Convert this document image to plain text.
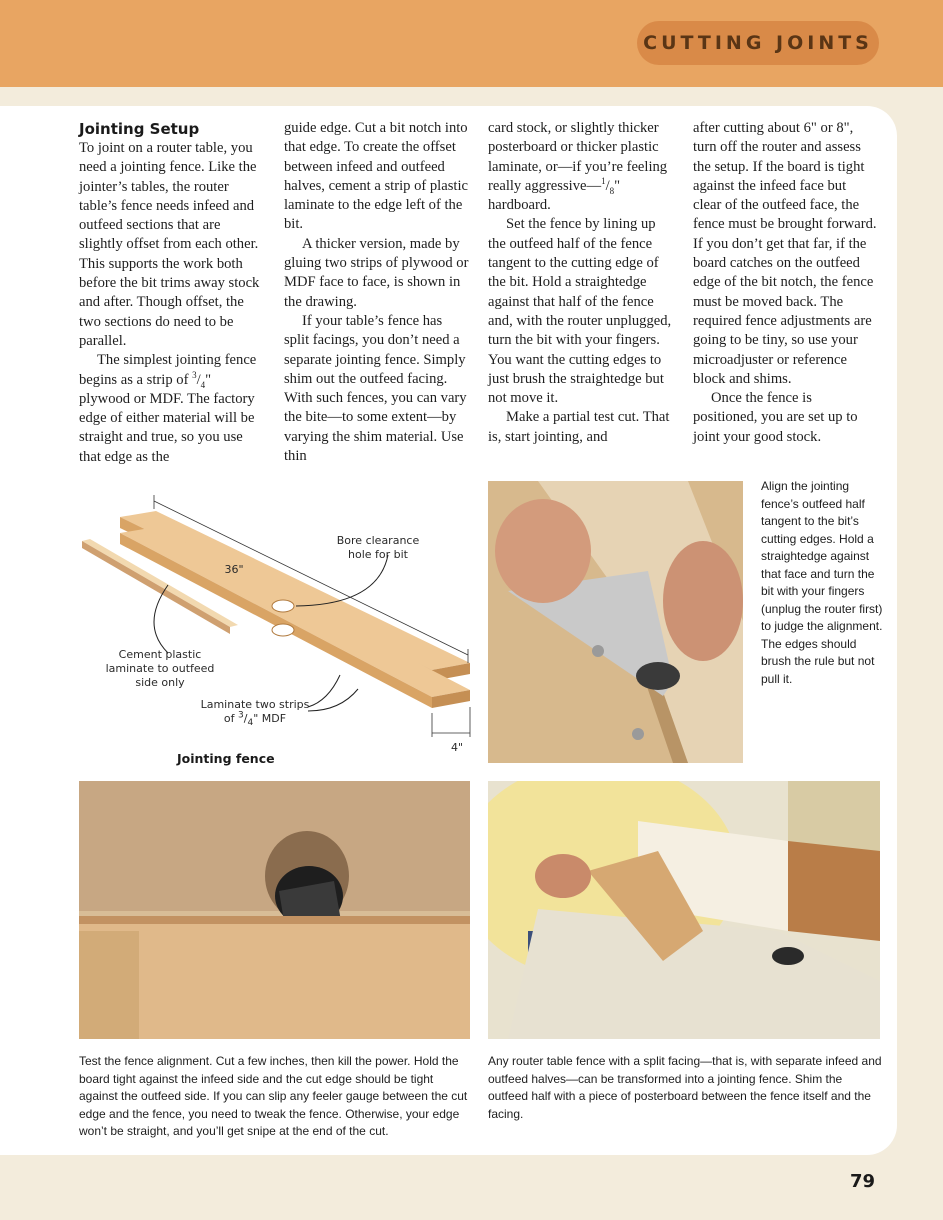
CUTTING JOINTS
Jointing Setup

To joint on a router table, you need a jointing fence. Like the jointer’s tables, the router table’s fence needs infeed and outfeed sections that are slightly offset from each other. This supports the work both before the bit trims away stock and after. Though offset, the two sections do need to be parallel.

The simplest jointing fence begins as a strip of $^3/_4$" plywood or MDF. The factory edge of either material will be straight and true, so you use that edge as the

guide edge. Cut a bit notch into that edge. To create the offset between infeed and outfeed halves, cement a strip of plastic laminate to the edge left of the bit.

A thicker version, made by gluing two strips of plywood or MDF face to face, is shown in the drawing.

If your table’s fence has split facings, you don’t need a separate jointing fence. Simply shim out the outfeed facing. With such fences, you can vary the bite—to some extent—by varying the shim material. Use thin

card stock, or slightly thicker posterboard or thicker plastic laminate, or—if you’re feeling really $aggressive—^1/_8$" hardboard.

Set the fence by lining up the outfeed half of the fence tangent to the cutting edge of the bit. Hold a straightedge against that half of the fence and, with the router unplugged, turn the bit with your fingers. You want the cutting edges to just brush the straightedge but not move it.

Make a partial test cut. That is, start jointing, and

after cutting about 6" or 8", turn off the router and assess the setup. If the board is tight against the infeed face but clear of the outfeed face, the fence must be brought forward. If you don’t get that far, if the board catches on the outfeed edge of the bit notch, the fence must be moved back. The required fence adjustments are going to be tiny, so use your microadjuster or reference block and shims.

Once the fence is positioned, you are set up to joint your good stock.

36"
4"
Bore clearance hole for bit
Cement plastic laminate to outfeed side only
Laminate two strips of $^3/_4$" MDF
Jointing fence
Align the jointing fence’s outfeed half tangent to the bit’s cutting edges. Hold a straightedge against that face and turn the bit with your fingers (unplug the router first) to judge the alignment. The edges should brush the rule but not pull it.
Test the fence alignment. Cut a few inches, then kill the power. Hold the board tight against the infeed side and the cut edge should be tight against the outfeed side. If you can slip any feeler gauge between the cut edge and the fence, you need to tweak the fence. Otherwise, your edge won’t be straight, and you’ll get snipe at the end of the cut.
Any router table fence with a split facing—that is, with separate infeed and outfeed halves—can be transformed into a jointing fence. Shim the outfeed half with a piece of posterboard between the fence itself and the facing.
79
